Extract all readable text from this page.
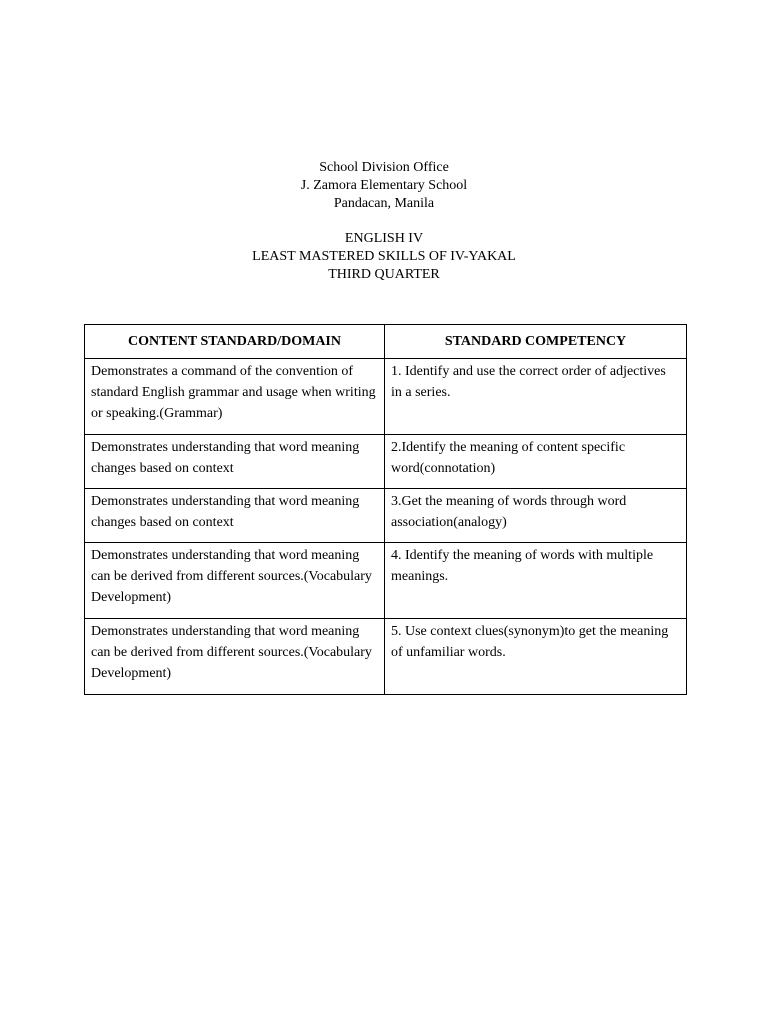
School Division Office
J. Zamora Elementary School
Pandacan, Manila
ENGLISH IV
LEAST MASTERED SKILLS OF IV-YAKAL
THIRD QUARTER
CONTENT STANDARD/DOMAIN	STANDARD COMPETENCY
Demonstrates a command of the convention of standard English grammar and usage when writing or speaking.(Grammar)	1. Identify and use the correct order of adjectives in a series.
Demonstrates understanding that word meaning changes based on context	2.Identify the meaning of content specific word(connotation)
Demonstrates understanding that word meaning changes based on context	3.Get the meaning of words through word association(analogy)
Demonstrates understanding that word meaning can be derived from different sources.(Vocabulary Development)	4. Identify the meaning of words with multiple meanings.
Demonstrates understanding that word meaning can be derived from different sources.(Vocabulary Development)	5. Use context clues(synonym)to get the meaning of unfamiliar words.
